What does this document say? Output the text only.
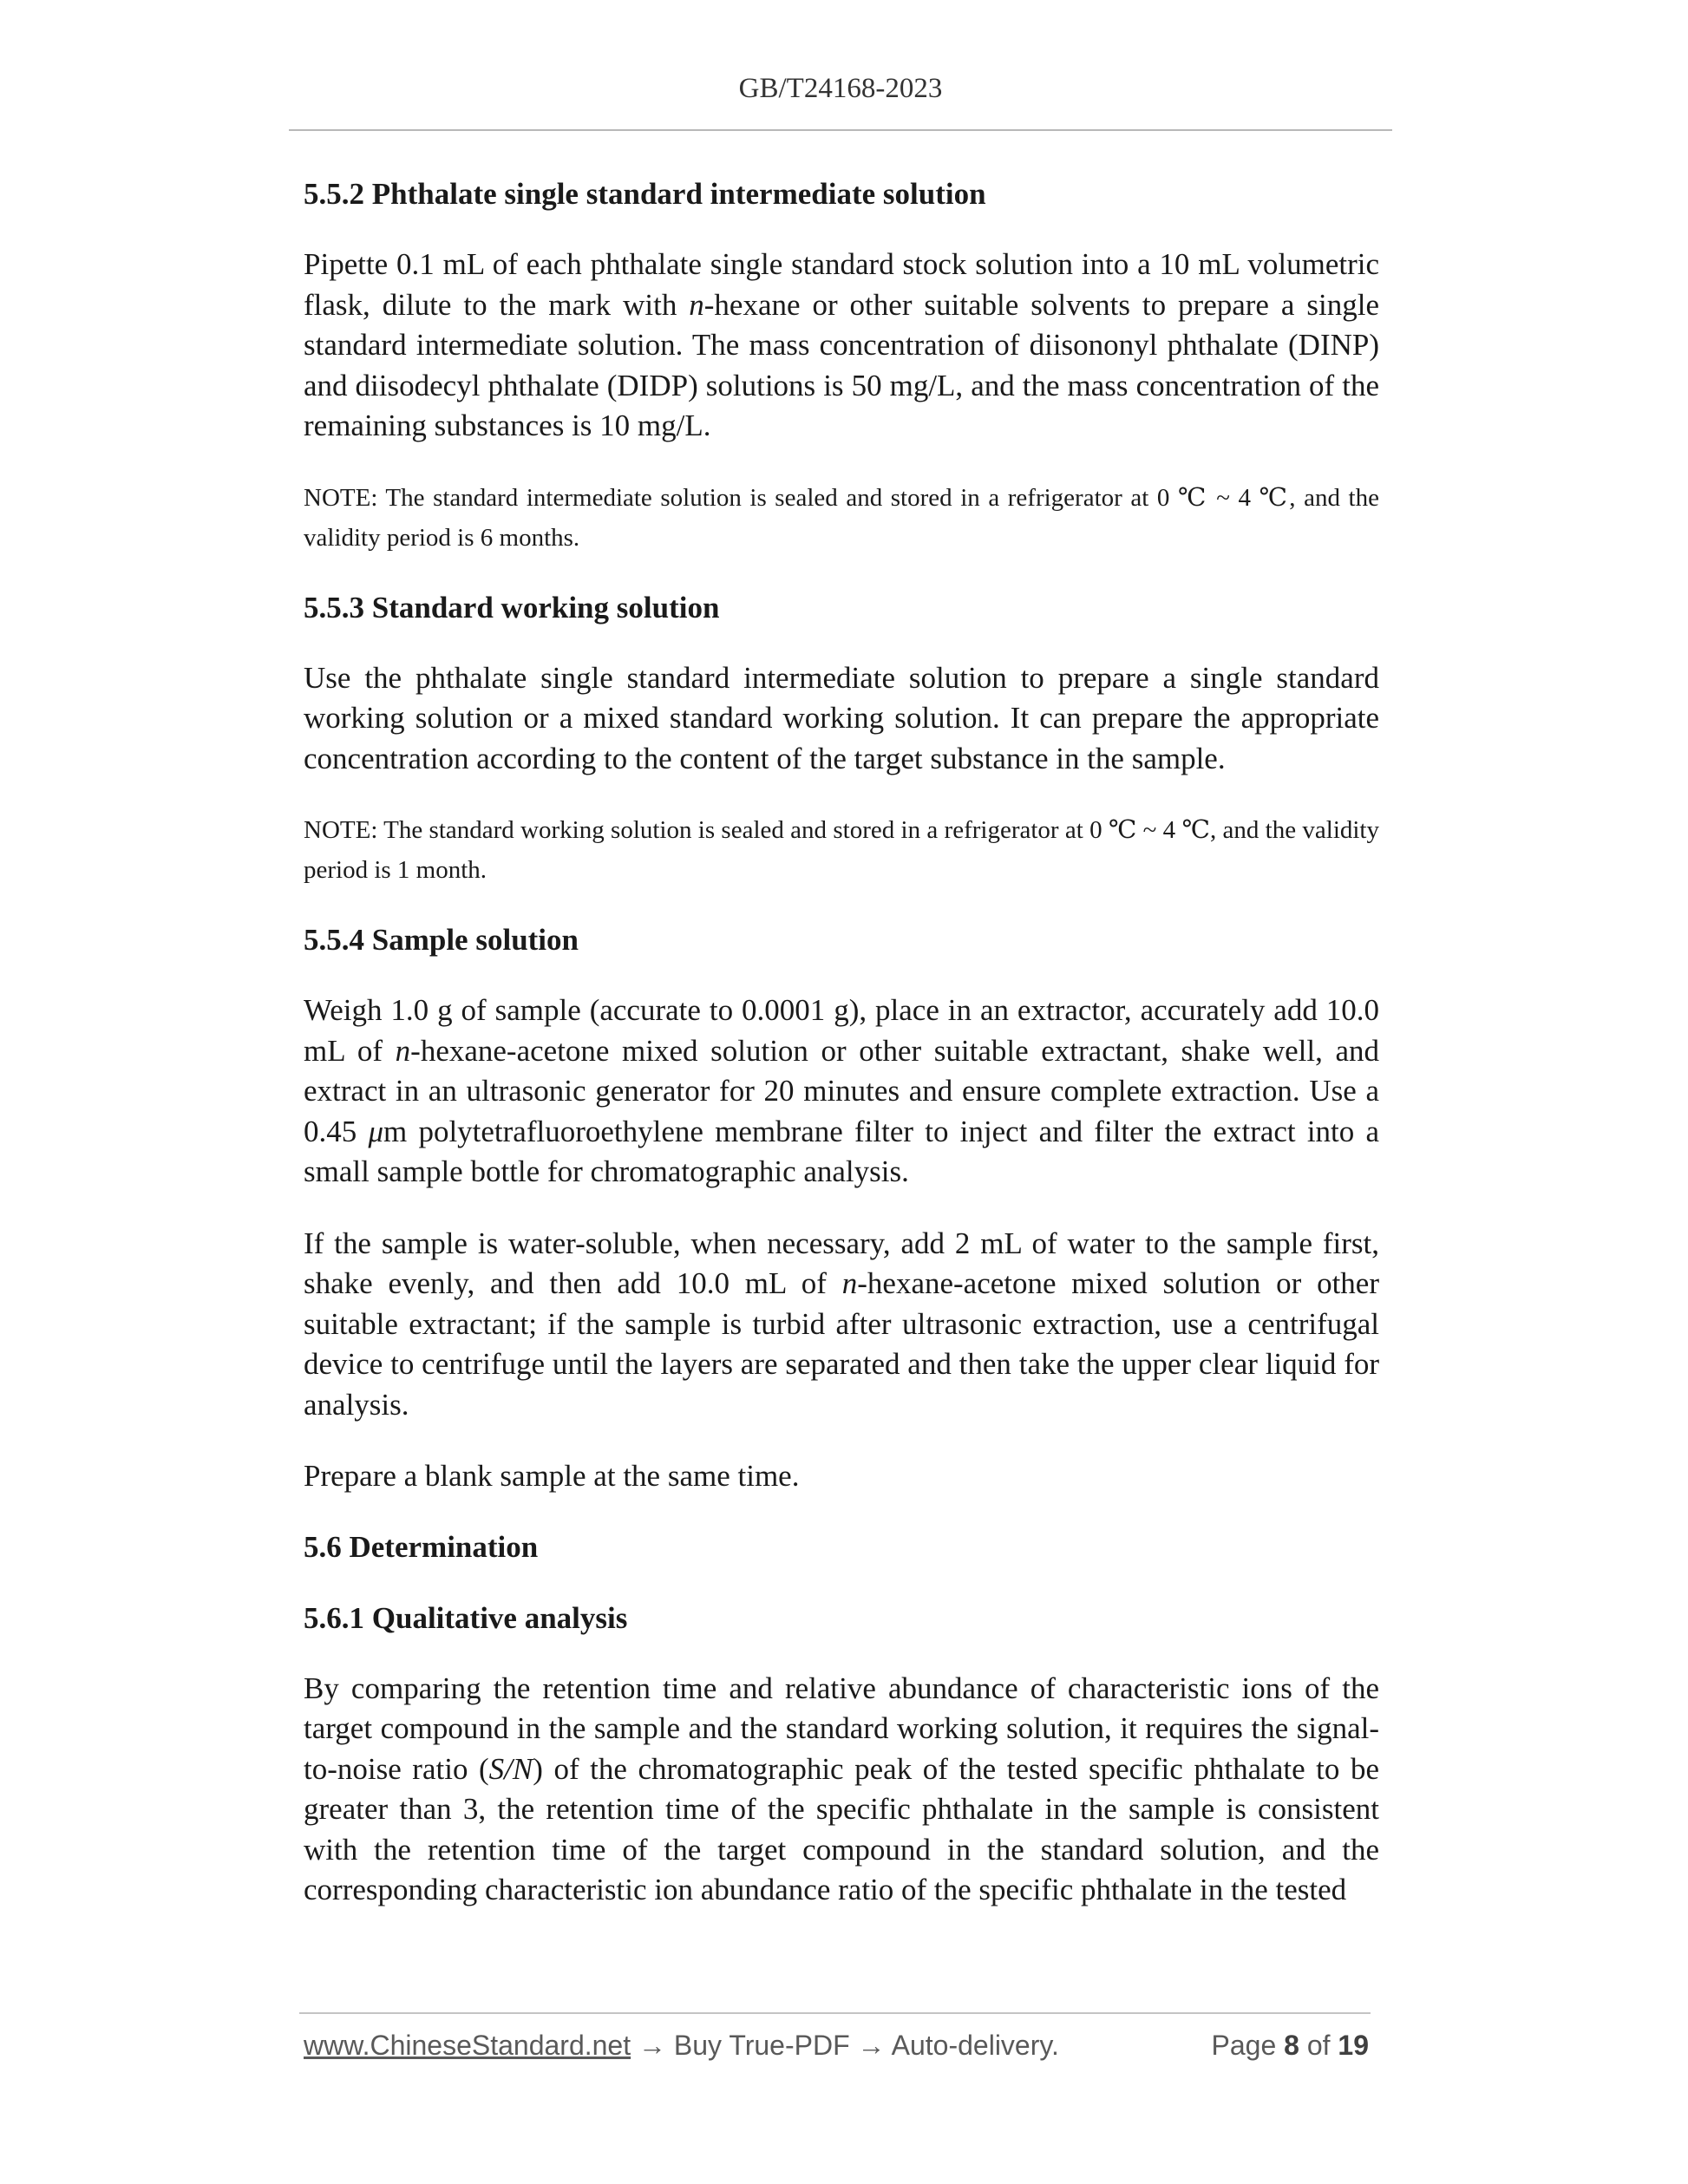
GB/T24168-2023
5.5.2 Phthalate single standard intermediate solution

Pipette 0.1 mL of each phthalate single standard stock solution into a 10 mL volumetric flask, dilute to the mark with n-hexane or other suitable solvents to prepare a single standard intermediate solution. The mass concentration of diisononyl phthalate (DINP) and diisodecyl phthalate (DIDP) solutions is 50 mg/L, and the mass concentration of the remaining substances is 10 mg/L.

NOTE: The standard intermediate solution is sealed and stored in a refrigerator at 0 ℃ ~ 4 ℃, and the validity period is 6 months.

5.5.3 Standard working solution

Use the phthalate single standard intermediate solution to prepare a single standard working solution or a mixed standard working solution. It can prepare the appropriate concentration according to the content of the target substance in the sample.

NOTE: The standard working solution is sealed and stored in a refrigerator at 0 ℃ ~ 4 ℃, and the validity period is 1 month.

5.5.4 Sample solution

Weigh 1.0 g of sample (accurate to 0.0001 g), place in an extractor, accurately add 10.0 mL of n-hexane-acetone mixed solution or other suitable extractant, shake well, and extract in an ultrasonic generator for 20 minutes and ensure complete extraction. Use a 0.45 μm polytetrafluoroethylene membrane filter to inject and filter the extract into a small sample bottle for chromatographic analysis.

If the sample is water-soluble, when necessary, add 2 mL of water to the sample first, shake evenly, and then add 10.0 mL of n-hexane-acetone mixed solution or other suitable extractant; if the sample is turbid after ultrasonic extraction, use a centrifugal device to centrifuge until the layers are separated and then take the upper clear liquid for analysis.

Prepare a blank sample at the same time.

5.6 Determination
5.6.1 Qualitative analysis

By comparing the retention time and relative abundance of characteristic ions of the target compound in the sample and the standard working solution, it requires the signal-to-noise ratio (S/N) of the chromatographic peak of the tested specific phthalate to be greater than 3, the retention time of the specific phthalate in the sample is consistent with the retention time of the target compound in the standard solution, and the corresponding characteristic ion abundance ratio of the specific phthalate in the tested

www.ChineseStandard.net → Buy True-PDF → Auto-delivery.	Page 8 of 19
